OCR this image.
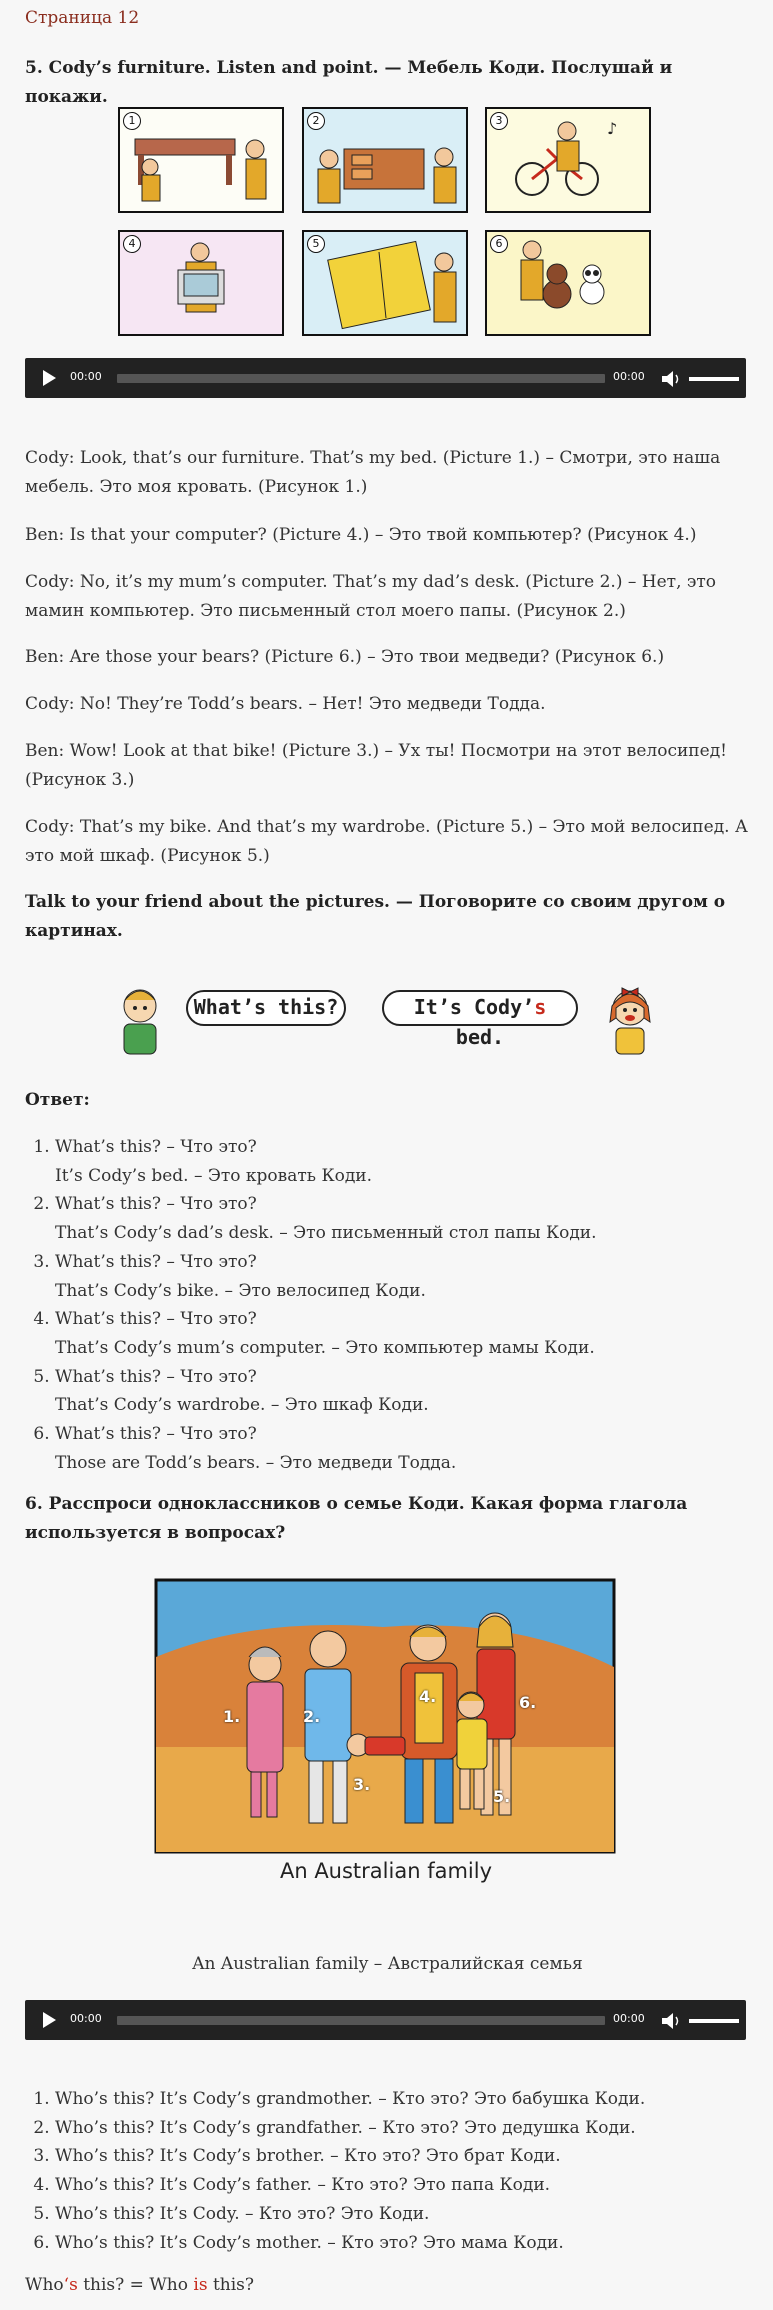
Страница 12
5. Cody’s furniture. Listen and point. — Мебель Коди. Послушай и покажи.
1	2	♪
3
4	5	6
00:00	00:00
Cody: Look, that’s our furniture. That’s my bed. (Picture 1.) – Смотри, это наша мебель. Это моя кровать. (Рисунок 1.)
Ben: Is that your computer? (Picture 4.) – Это твой компьютер? (Рисунок 4.)
Cody: No, it’s my mum’s computer. That’s my dad’s desk. (Picture 2.) – Нет, это мамин компьютер. Это письменный стол моего папы. (Рисунок 2.)
Ben: Are those your bears? (Picture 6.) – Это твои медведи? (Рисунок 6.)
Cody: No! They’re Todd’s bears. – Нет! Это медведи Тодда.
Ben: Wow! Look at that bike! (Picture 3.) – Ух ты! Посмотри на этот велосипед! (Рисунок 3.)
Cody: That’s my bike. And that’s my wardrobe. (Picture 5.) – Это мой велосипед. А это мой шкаф. (Рисунок 5.)
Talk to your friend about the pictures. — Поговорите со своим другом о картинах.
What’s this?	It’s Cody’s bed.
Ответ:
1. What’s this? – Что это?
It’s Cody’s bed. – Это кровать Коди.
2. What’s this? – Что это?
That’s Cody’s dad’s desk. – Это письменный стол папы Коди.
3. What’s this? – Что это?
That’s Cody’s bike. – Это велосипед Коди.
4. What’s this? – Что это?
That’s Cody’s mum’s computer. – Это компьютер мамы Коди.
5. What’s this? – Что это?
That’s Cody’s wardrobe. – Это шкаф Коди.
6. What’s this? – Что это?
Those are Todd’s bears. – Это медведи Тодда.
6. Расспроси одноклассников о семье Коди. Какая форма глагола используется в вопросах?
1.	2.
3.
4.
5.
6.
An Australian family
An Australian family – Австралийская семья
00:00	00:00
1. Who’s this? It’s Cody’s grandmother. – Кто это? Это бабушка Коди.
2. Who’s this? It’s Cody’s grandfather. – Кто это? Это дедушка Коди.
3. Who’s this? It’s Cody’s brother. – Кто это? Это брат Коди.
4. Who’s this? It’s Cody’s father. – Кто это? Это папа Коди.
5. Who’s this? It’s Cody. – Кто это? Это Коди.
6. Who’s this? It’s Cody’s mother. – Кто это? Это мама Коди.
Who‘s this? = Who is this?
